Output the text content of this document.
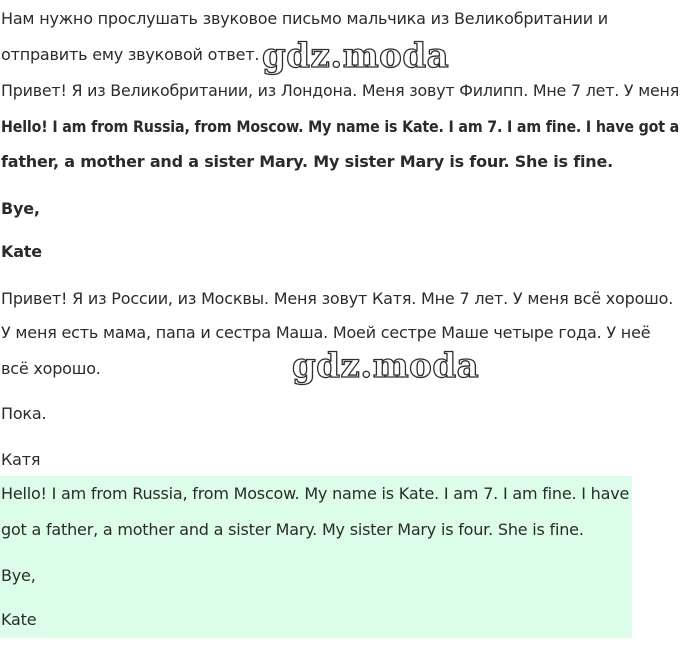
Нам нужно прослушать звуковое письмо мальчика из Великобритании и
отправить ему звуковой ответ.
Привет! Я из Великобритании, из Лондона. Меня зовут Филипп. Мне 7 лет. У меня
Hello! I am from Russia, from Moscow. My name is Kate. I am 7. I am fine. I have got a
father, a mother and a sister Mary. My sister Mary is four. She is fine.
Bye,
Kate
Привет! Я из России, из Москвы. Меня зовут Катя. Мне 7 лет. У меня всё хорошо.
У меня есть мама, папа и сестра Маша. Моей сестре Маше четыре года. У неё
всё хорошо.
Пока.
Катя
Hello! I am from Russia, from Moscow. My name is Kate. I am 7. I am fine. I have
got a father, a mother and a sister Mary. My sister Mary is four. She is fine.
Bye,
Kate
gdz.moda
gdz.moda
